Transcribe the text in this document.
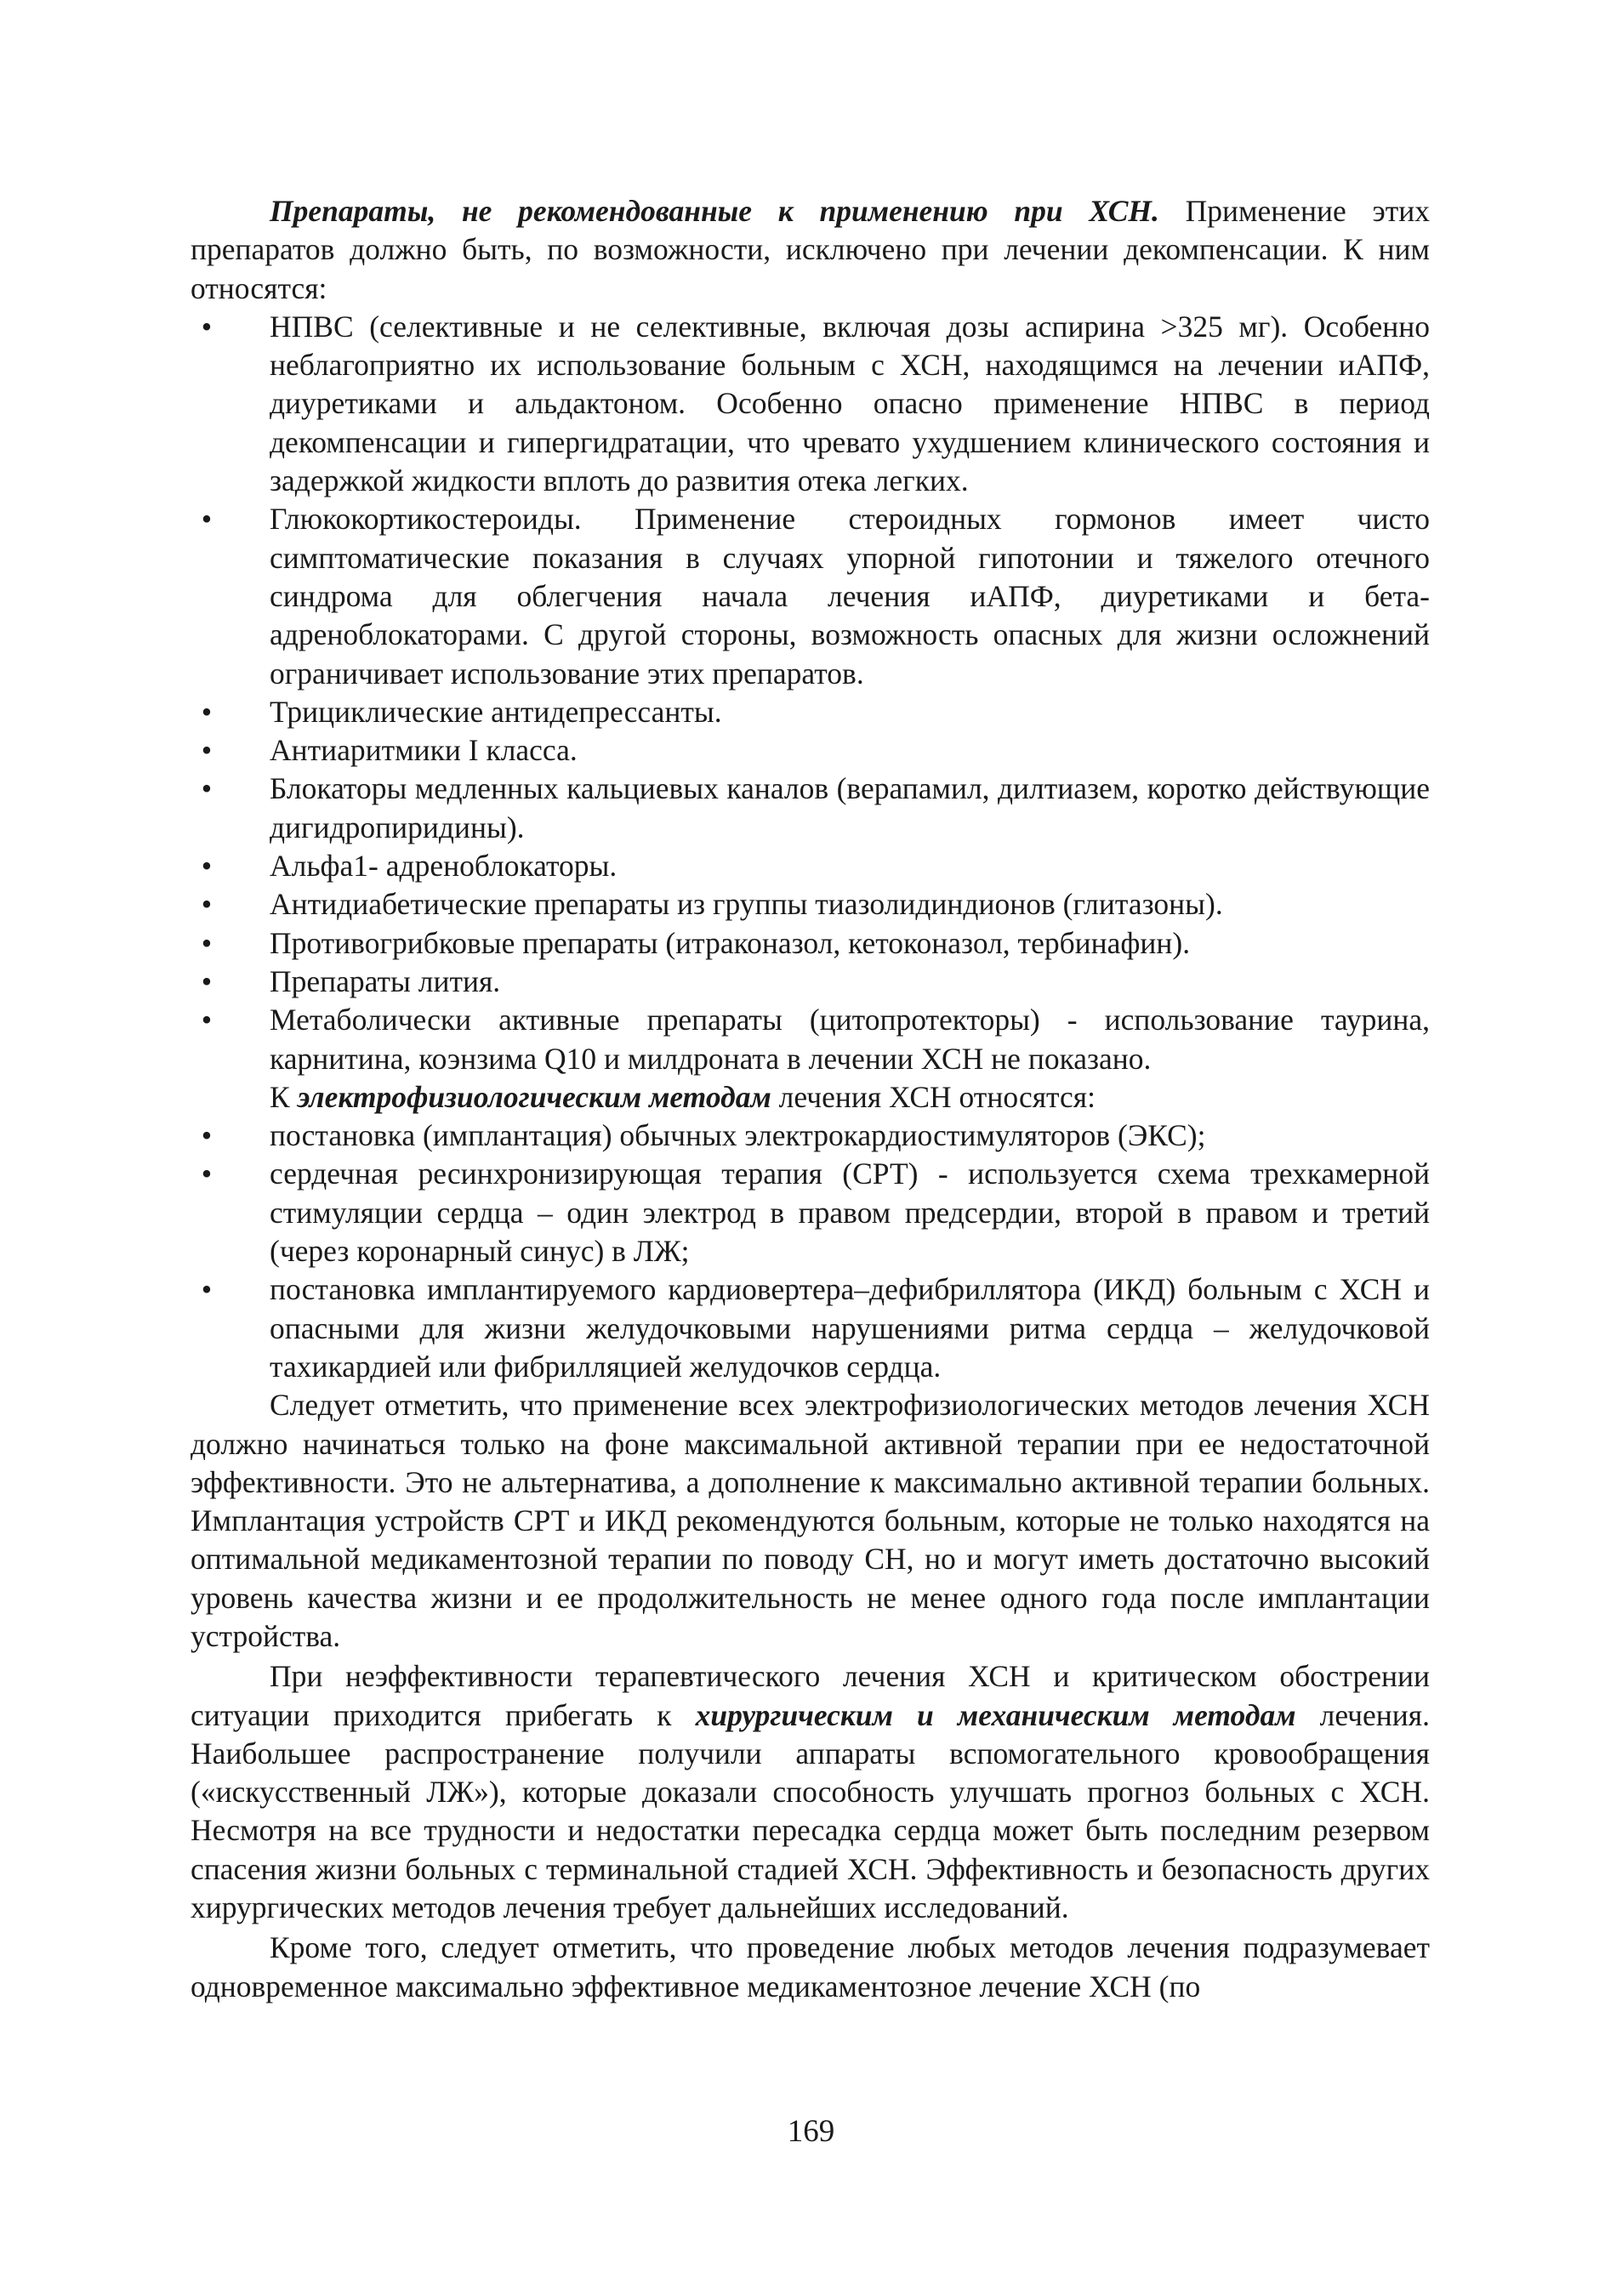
Препараты, не рекомендованные к применению при ХСН. Применение этих препаратов должно быть, по возможности, исключено при лечении декомпенсации. К ним относятся:

• НПВС (селективные и не селективные, включая дозы аспирина >325 мг). Особенно неблагоприятно их использование больным с ХСН, находящимся на лечении иАПФ, диуретиками и альдактоном. Особенно опасно применение НПВС в период декомпенсации и гипергидратации, что чревато ухудшением клинического состояния и задержкой жидкости вплоть до развития отека легких.
• Глюкокортикостероиды. Применение стероидных гормонов имеет чисто симптоматические показания в случаях упорной гипотонии и тяжелого отечного синдрома для облегчения начала лечения иАПФ, диуретиками и бета-адреноблокаторами. С другой стороны, возможность опасных для жизни осложнений ограничивает использование этих препаратов.
• Трициклические антидепрессанты.
• Антиаритмики I класса.
• Блокаторы медленных кальциевых каналов (верапамил, дилтиазем, коротко действующие дигидропиридины).
• Альфа1- адреноблокаторы.
• Антидиабетические препараты из группы тиазолидиндионов (глитазоны).
• Противогрибковые препараты (итраконазол, кетоконазол, тербинафин).
• Препараты лития.
• Метаболически активные препараты (цитопротекторы) - использование таурина, карнитина, коэнзима Q10 и милдроната в лечении ХСН не показано.

К электрофизиологическим методам лечения ХСН относятся:

• постановка (имплантация) обычных электрокардиостимуляторов (ЭКС);
• сердечная ресинхронизирующая терапия (СРТ) - используется схема трехкамерной стимуляции сердца – один электрод в правом предсердии, второй в правом и третий (через коронарный синус) в ЛЖ;
• постановка имплантируемого кардиовертера–дефибриллятора (ИКД) больным с ХСН и опасными для жизни желудочковыми нарушениями ритма сердца – желудочковой тахикардией или фибрилляцией желудочков сердца.

Следует отметить, что применение всех электрофизиологических методов лечения ХСН должно начинаться только на фоне максимальной активной терапии при ее недостаточной эффективности. Это не альтернатива, а дополнение к максимально активной терапии больных. Имплантация устройств СРТ и ИКД рекомендуются больным, которые не только находятся на оптимальной медикаментозной терапии по поводу СН, но и могут иметь достаточно высокий уровень качества жизни и ее продолжительность не менее одного года после имплантации устройства.

При неэффективности терапевтического лечения ХСН и критическом обострении ситуации приходится прибегать к хирургическим и механическим методам лечения. Наибольшее распространение получили аппараты вспомогательного кровообращения («искусственный ЛЖ»), которые доказали способность улучшать прогноз больных с ХСН. Несмотря на все трудности и недостатки пересадка сердца может быть последним резервом спасения жизни больных с терминальной стадией ХСН. Эффективность и безопасность других хирургических методов лечения требует дальнейших исследований.

Кроме того, следует отметить, что проведение любых методов лечения подразумевает одновременное максимально эффективное медикаментозное лечение ХСН (по

169
